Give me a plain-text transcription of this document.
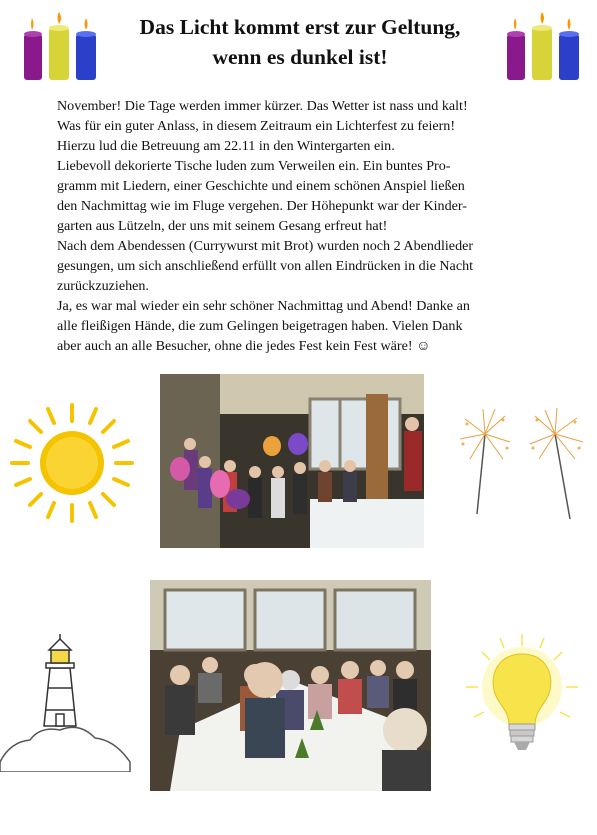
Das Licht kommt erst zur Geltung,
wenn es dunkel ist!
November! Die Tage werden immer kürzer. Das Wetter ist nass und kalt!
Was für ein guter Anlass, in diesem Zeitraum ein Lichterfest zu feiern!
Hierzu lud die Betreuung am 22.11 in den Wintergarten ein.
Liebevoll dekorierte Tische luden zum Verweilen ein. Ein buntes Pro-
gramm mit Liedern, einer Geschichte und einem schönen Anspiel ließen
den Nachmittag wie im Fluge vergehen. Der Höhepunkt war der Kinder-
garten aus Lützeln, der uns mit seinem Gesang erfreut hat!
Nach dem Abendessen (Currywurst mit Brot) wurden noch 2 Abendlieder
gesungen, um sich anschließend erfüllt von allen Eindrücken in die Nacht
zurückzuziehen.
Ja, es war mal wieder ein sehr schöner Nachmittag und Abend! Danke an
alle fleißigen Hände, die zum Gelingen beigetragen haben. Vielen Dank
aber auch an alle Besucher, ohne die jedes Fest kein Fest wäre! ☺
